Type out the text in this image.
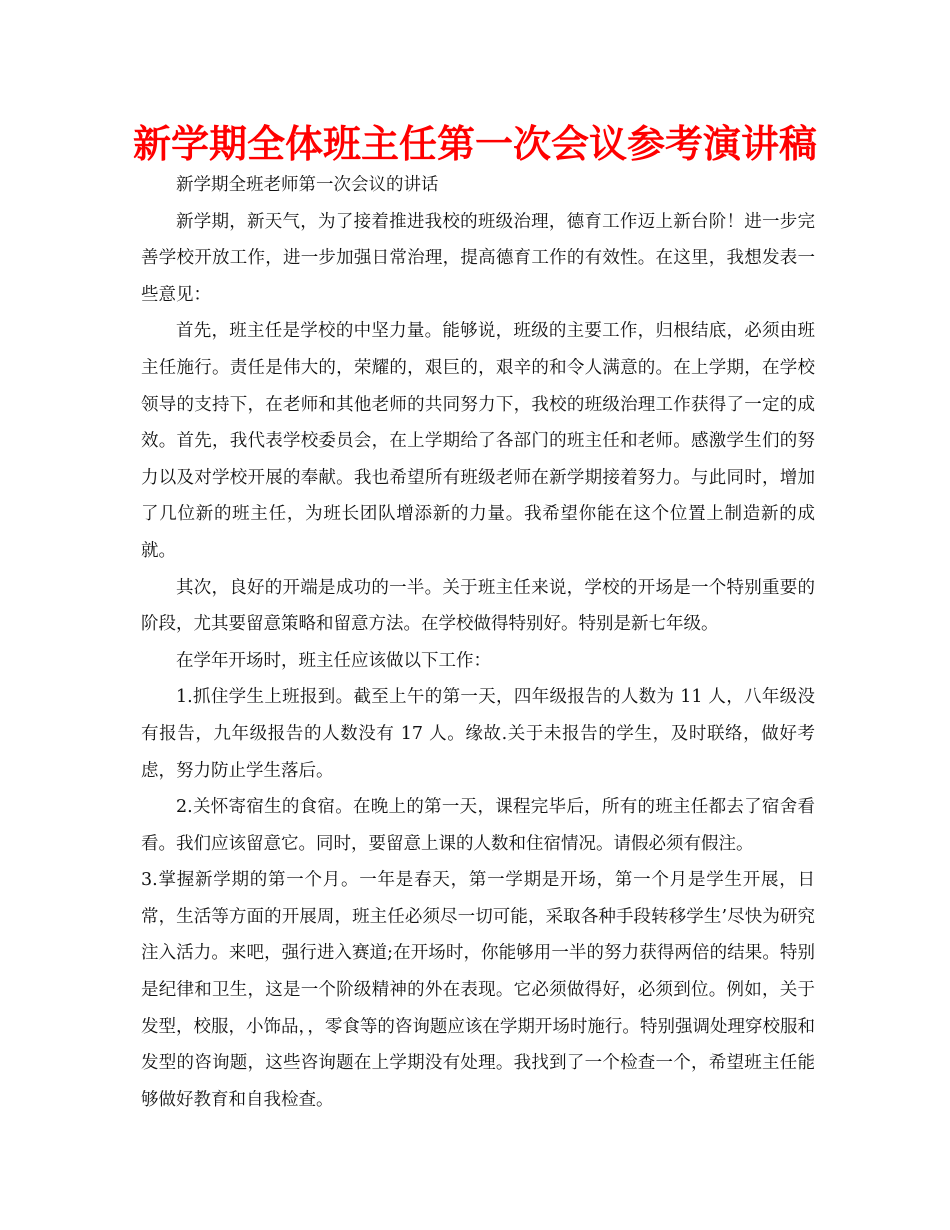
新学期全体班主任第一次会议参考演讲稿

新学期全班老师第一次会议的讲话

新学期，新天气，为了接着推进我校的班级治理，德育工作迈上新台阶！进一步完善学校开放工作，进一步加强日常治理，提高德育工作的有效性。在这里，我想发表一些意见：

首先，班主任是学校的中坚力量。能够说，班级的主要工作，归根结底，必须由班主任施行。责任是伟大的，荣耀的，艰巨的，艰辛的和令人满意的。在上学期，在学校领导的支持下，在老师和其他老师的共同努力下，我校的班级治理工作获得了一定的成效。首先，我代表学校委员会，在上学期给了各部门的班主任和老师。感激学生们的努力以及对学校开展的奉献。我也希望所有班级老师在新学期接着努力。与此同时，增加了几位新的班主任，为班长团队增添新的力量。我希望你能在这个位置上制造新的成就。

其次，良好的开端是成功的一半。关于班主任来说，学校的开场是一个特别重要的阶段，尤其要留意策略和留意方法。在学校做得特别好。特别是新七年级。

在学年开场时，班主任应该做以下工作：

1.抓住学生上班报到。截至上午的第一天，四年级报告的人数为 11 人，八年级没有报告，九年级报告的人数没有 17 人。缘故.关于未报告的学生，及时联络，做好考虑，努力防止学生落后。

2.关怀寄宿生的食宿。在晚上的第一天，课程完毕后，所有的班主任都去了宿舍看看。我们应该留意它。同时，要留意上课的人数和住宿情况。请假必须有假注。

3.掌握新学期的第一个月。一年是春天，第一学期是开场，第一个月是学生开展，日常，生活等方面的开展周，班主任必须尽一切可能，采取各种手段转移学生’尽快为研究注入活力。来吧，强行进入赛道;在开场时，你能够用一半的努力获得两倍的结果。特别是纪律和卫生，这是一个阶级精神的外在表现。它必须做得好，必须到位。例如，关于发型，校服，小饰品，，零食等的咨询题应该在学期开场时施行。特别强调处理穿校服和发型的咨询题，这些咨询题在上学期没有处理。我找到了一个检查一个，希望班主任能够做好教育和自我检查。
